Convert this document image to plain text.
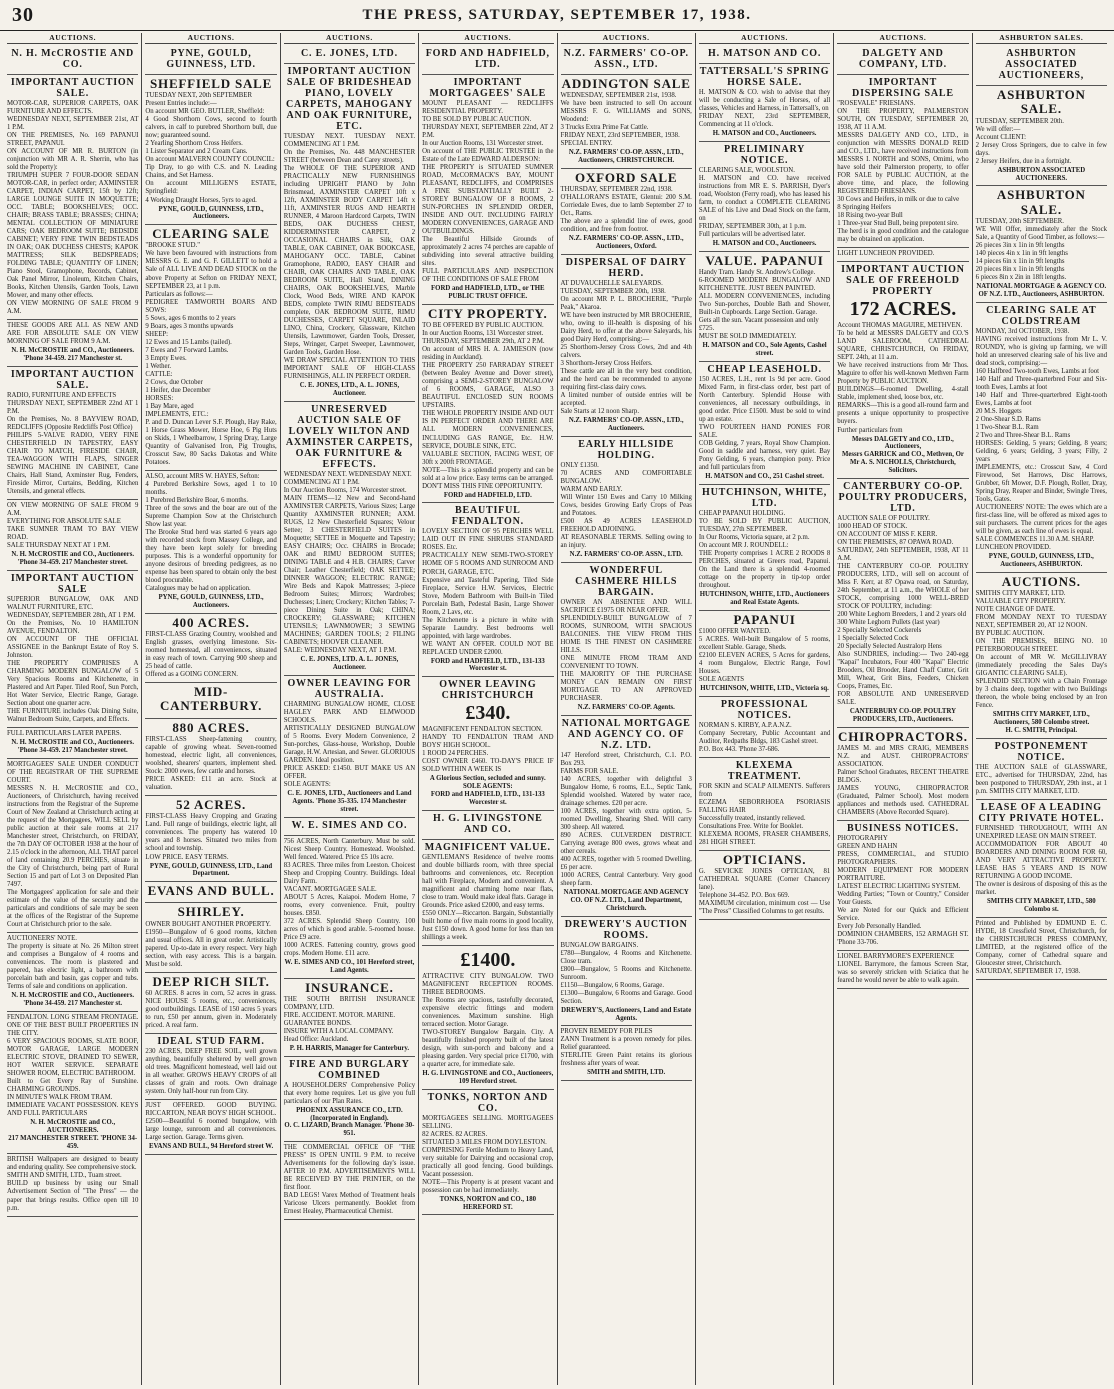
30	THE PRESS, SATURDAY, SEPTEMBER 17, 1938.
AUCTIONS.
N. H. McCROSTIE AND CO.
IMPORTANT AUCTION SALE.
MOTOR-CAR, SUPERIOR CARPETS, OAK FURNITURE AND EFFECTS.
WEDNESDAY NEXT, SEPTEMBER 21st, AT 1 P.M.
ON THE PREMISES, No. 169 PAPANUI STREET, PAPANUI.
ON ACCOUNT OF MR R. BURTON (in conjunction with MR A. R. Sherrin, who has sold the Property):
TRIUMPH SUPER 7 FOUR-DOOR SEDAN MOTOR-CAR, in perfect order; AXMINSTER CARPET, INDIAN CARPET, 15ft by 12ft; LARGE LOUNGE SUITE IN MOQUETTE; OCC. TABLE; BOOKSHELVES; OCC. CHAIR; BRASS TABLE; BRASSES; CHINA; MENTAL COLLECTION OF MINIATURE CARS; OAK BEDROOM SUITE; BEDSIDE CABINET; VERY FINE TWIN BEDSTEADS IN OAK; OAK DUCHESS CHESTS; KAPOK MATTRESS; SILK BEDSPREADS; FOLDING TABLE; QUANTITY OF LINEN; Piano Stool, Gramophone, Records, Cabinet, Oak Panel Mirror, Linoleum, Kitchen Chairs, Books, Kitchen Utensils, Garden Tools, Lawn Mower, and many other effects.
ON VIEW MORNING OF SALE FROM 9 A.M.
THESE GOODS ARE ALL AS NEW AND ARE FOR ABSOLUTE SALE ON VIEW MORNING OF SALE FROM 9 A.M.
N. H. McCROSTIE and CO., Auctioneers.
'Phone 34-459. 217 Manchester st.
IMPORTANT AUCTION SALE.
RADIO, FURNITURE AND EFFECTS
THURSDAY NEXT, SEPTEMBER 22nd AT 1 P.M.
On the Premises, No. 8 BAYVIEW ROAD, REDCLIFFS (Opposite Redcliffs Post Office)
PHILIPS 5-VALVE RADIO, VERY FINE CHESTERFIELD IN TAPESTRY, EASY CHAIR TO MATCH, FIRESIDE CHAIR, TEA-WAGGON WITH FLAPS, SINGER SEWING MACHINE IN CABINET, Cane Chairs, Hall Stand, Axminster Rug, Fenders, Fireside Mirror, Curtains, Bedding, Kitchen Utensils, and general effects.
ON VIEW MORNING OF SALE FROM 9 A.M.
EVERYTHING FOR ABSOLUTE SALE
TAKE SUMNER TRAM TO BAY VIEW ROAD.
SALE THURSDAY NEXT AT 1 P.M.
N. H. McCROSTIE and CO., Auctioneers.
'Phone 34-459. 217 Manchester street.
IMPORTANT AUCTION SALE
SUPERIOR BUNGALOW, OAK AND WALNUT FURNITURE, ETC.
WEDNESDAY, SEPTEMBER 28th, AT 1 P.M.
On the Premises, No. 10 HAMILTON AVENUE, FENDALTON.
ON ACCOUNT OF THE OFFICIAL ASSIGNEE in the Bankrupt Estate of Roy S. Johnston.
THE PROPERTY COMPRISES A CHARMING MODERN BUNGALOW of 5 Very Spacious Rooms and Kitchenette, in Plastered and Art Paper. Tiled Roof, Sun Porch, Hot Water Service, Electric Range, Garage. Section about one quarter acre.
THE FURNITURE includes Oak Dining Suite, Walnut Bedroom Suite, Carpets, and Effects.
FULL PARTICULARS LATER PAPERS.
N. H. McCROSTIE and CO., Auctioneers.
'Phone 34-459. 217 Manchester street.
MORTGAGEES' SALE UNDER CONDUCT OF THE REGISTRAR OF THE SUPREME COURT.
MESSRS N. H. McCROSTIE and CO., Auctioneers, of Christchurch, having received instructions from the Registrar of the Supreme Court of New Zealand at Christchurch acting at the request of the Mortgagees, WILL SELL by public auction at their sale rooms at 217 Manchester street, Christchurch, on FRIDAY, the 7th DAY OF OCTOBER 1938 at the hour of 2.15 o'clock in the afternoon, ALL THAT parcel of land containing 20.9 PERCHES, situate in the City of Christchurch, being part of Rural Section 15 and part of Lot 3 on Deposited Plan 7497.
The Mortgagees' application for sale and their estimate of the value of the security and the particulars and conditions of sale may be seen at the offices of the Registrar of the Supreme Court at Christchurch prior to the sale.
AUCTIONEERS' NOTE.
The property is situate at No. 26 Milton street and comprises a Bungalow of 4 rooms and conveniences. The room is plastered and papered, has electric light, a bathroom with porcelain bath and basin, gas copper and tubs. Terms of sale and conditions on application.
N. H. McCROSTIE and CO., Auctioneers.
'Phone 34-459. 217 Manchester st.
FENDALTON. LONG STREAM FRONTAGE. ONE OF THE BEST BUILT PROPERTIES IN THE CITY.
6 VERY SPACIOUS ROOMS, SLATE ROOF, MOTOR GARAGE, LARGE MODERN ELECTRIC STOVE, DRAINED TO SEWER, HOT WATER SERVICE. SEPARATE SHOWER ROOM, ELECTRIC BATHROOM.
Built to Get Every Ray of Sunshine. CHARMING GROUNDS.
IN MINUTE'S WALK FROM TRAM.
IMMEDIATE VACANT POSSESSION. KEYS AND FULL PARTICULARS
N. H. McCROSTIE and CO., AUCTIONEERS.
217 MANCHESTER STREET. 'PHONE 34-459.
BRITISH Wallpapers are designed to beauty and enduring quality. See comprehensive stock.
SMITH AND SMITH, LTD., Tuam street.
BUILD up business by using our Small Advertisement Section of "The Press" — the paper that brings results. Office open till 10 p.m.
AUCTIONS.
PYNE, GOULD, GUINNESS, LTD.
SHEFFIELD SALE
TUESDAY NEXT, 20th SEPTEMBER
Present Entries include:—
On account MR GEO. BUTLER, Sheffield:
4 Good Shorthorn Cows, second to fourth calvers, in calf to purebred Shorthorn bull, due now; guaranteed sound.
2 Yearling Shorthorn Cross Heifers.
1 Lister Separator and 2 Cream Cans.
On account MALVERN COUNTY COUNCIL:
Tip Dray, to go with C.S. and N. Leading Chains, and Set Harness.
On account MILLIGEN'S ESTATE, Springfield:
4 Working Draught Horses, 5yrs to aged.
PYNE, GOULD, GUINNESS, LTD., Auctioneers.
CLEARING SALE
"BROOKE STUD."
We have been favoured with instructions from MESSRS G. E. and G. F. GILLETT to hold a Sale of ALL LIVE AND DEAD STOCK on the above Property at Sefton on FRIDAY NEXT, SEPTEMBER 23, at 1 p.m.
Particulars as follows:—
PEDIGREE TAMWORTH BOARS AND SOWS:
5 Sows, ages 6 months to 2 years
9 Boars, ages 3 months upwards
SHEEP:
12 Ewes and 15 Lambs (tailed).
7 Ewes and 7 Forward Lambs.
3 Empty Ewes.
1 Wether.
CATTLE:
2 Cows, due October
1 Heifer, due December
HORSES:
1 Bay Mare, aged
IMPLEMENTS, ETC.:
P. and D. Duncan Lever S.F. Plough, Hay Rake, 1 Horse Grass Mower, Horse Hoe, 6 Pig Huts on Skids, 1 Wheelbarrow, 1 Spring Dray, Large Quantity of Galvanised Iron, Pig Troughs, Crosscut Saw, 80 Sacks Dakotas and White Potatoes.
ALSO, account MRS W. HAYES, Sefton:
4 Purebred Berkshire Sows, aged 1 to 10 months.
1 Purebred Berkshire Boar, 6 months.
Three of the sows and the boar are out of the Supreme Champion Sow at the Christchurch Show last year.
The Brooke Stud herd was started 6 years ago with recorded stock from Massey College, and they have been kept solely for breeding purposes. This is a wonderful opportunity for anyone desirous of breeding pedigrees, as no expense has been spared to obtain only the best blood procurable.
Catalogues may be had on application.
PYNE, GOULD, GUINNESS, LTD., Auctioneers.
400 ACRES.
FIRST-CLASS Grazing Country, woolshed and English grasses, overlying limestone. Six-roomed homestead, all conveniences, situated in easy reach of town. Carrying 900 sheep and 25 head of cattle.
Offered as a GOING CONCERN.
MID-CANTERBURY.
880 ACRES.
FIRST-CLASS Sheep-fattening country, capable of growing wheat. Seven-roomed homestead, electric light, all conveniences, woolshed, shearers' quarters, implement shed. Stock: 2000 ewes, few cattle and horses.
PRICE ASKED: £11 an acre. Stock at valuation.
52 ACRES.
FIRST-CLASS Heavy Cropping and Grazing Land. Full range of buildings, electric light, all conveniences. The property has watered 10 years and 8 horses. Situated two miles from school and township.
LOW PRICE. EASY TERMS.
PYNE, GOULD, GUINNESS, LTD., Land Department.
EVANS AND BULL.
SHIRLEY.
OWNER BOUGHT ANOTHER PROPERTY.
£1950—Bungalow of 6 good rooms, kitchen and usual offices. All in great order. Artistically papered. Up-to-date in every respect. Very high section, with easy access. This is a bargain. Must be sold.
DEEP RICH SILT.
60 ACRES. 8 acres in corn, 52 acres in grass. NICE HOUSE 5 rooms, etc., conveniences, good outbuildings. LEASE of 150 acres 5 years to run, £50 per annum, given in. Moderately priced. A real farm.
IDEAL STUD FARM.
230 ACRES, DEEP FREE SOIL, well grown anything, beautifully sheltered by well grown old trees. Magnificent homestead, well laid out in all weather. GROWS HEAVY CROPS of all classes of grain and roots. Own drainage system. Only half-hour run from City.
JUST OFFERED. GOOD BUYING. RICCARTON, NEAR BOYS' HIGH SCHOOL.
£2500—Beautiful 6 roomed bungalow, with large lounge, sunroom and all conveniences. Large section. Garage. Terms given.
EVANS AND BULL, 94 Hereford street W.
AUCTIONS.
C. E. JONES, LTD.
IMPORTANT AUCTION SALE OF BRIDESHEAD PIANO, LOVELY CARPETS, MAHOGANY AND OAK FURNITURE, ETC.
TUESDAY NEXT. TUESDAY NEXT. COMMENCING AT 1 P.M.
On the Premises, No. 448 MANCHESTER STREET (between Dean and Carey streets).
The WHOLE OF THE SUPERIOR AND PRACTICALLY NEW FURNISHINGS including UPRIGHT PIANO by John Brinsmead, AXMINSTER CARPET 10ft x 12ft, AXMINSTER BODY CARPET 14ft x 11ft, AXMINSTER RUGS AND HEARTH RUNNER, 4 Maroon Hardcord Carpets, TWIN BEDS, OAK DUCHESS CHEST, KIDDERMINSTER CARPET, 2 OCCASIONAL CHAIRS in Silk, OAK TABLE, OAK CABINET, OAK BOOKCASE, MAHOGANY OCC. TABLE, Cabinet Gramophone, RADIO, EASY CHAIR and CHAIR, OAK CHAIRS AND TABLE, OAK BEDROOM SUITE, Hall Stand, DINING CHAIRS, OAK BOOKSHELVES, Marble Clock, Wood Beds, WIRE AND KAPOK BEDS, complete TWIN RIMU BEDSTEADS complete, OAK BEDROOM SUITE, RIMU DUCHESSES, CARPET SQUARE, INLAID LINO, China, Crockery, Glassware, Kitchen Utensils, Lawnmower, Garden Tools, Dresser, Steps, Wringer, Carpet Sweeper, Lawnmower, Garden Tools, Garden Hose.
WE DRAW SPECIAL ATTENTION TO THIS IMPORTANT SALE OF HIGH-CLASS FURNISHINGS, ALL IN PERFECT ORDER.
C. E. JONES, LTD., A. L. JONES, Auctioneer.
UNRESERVED AUCTION SALE OF LOVELY WILTON AND AXMINSTER CARPETS, OAK FURNITURE & EFFECTS.
WEDNESDAY NEXT. WEDNESDAY NEXT.
COMMENCING AT 1 P.M.
In Our Auction Rooms, 174 Worcester street.
MAIN ITEMS—12 New and Second-hand AXMINSTER CARPETS, Various Sizes; Large Quantity AXMINSTER RUNNER; AXM. RUGS, 12 New Chesterfield Squares; Velour Settee; 3 CHESTERFIELD SUITES in Moquette; SETTEE in Moquette and Tapestry; EASY CHAIRS; Occ. CHAIRS in Brocade; OAK and RIMU BEDROOM SUITES; DINING TABLE and 4 H.B. CHAIRS; Carver Chair; Leather Chesterfield; OAK SETTEE; DINNER WAGGON; ELECTRIC RANGE; Wire Beds and Kapok Mattresses; 3-piece Bedroom Suites; Mirrors; Wardrobes; Duchesses; Linen; Crockery; Kitchen Tables; 7-piece Dining Suite in Oak; CHINA; CROCKERY; GLASSWARE; KITCHEN UTENSILS; LAWNMOWER; 3 SEWING MACHINES; GARDEN TOOLS; 2 FILING CABINETS; HOOVER CLEANER.
SALE: WEDNESDAY NEXT, AT 1 P.M.
C. E. JONES, LTD. A. L. JONES, Auctioneer.
OWNER LEAVING FOR AUSTRALIA.
CHARMING BUNGALOW HOME, CLOSE HAGLEY PARK AND ELMWOOD SCHOOLS.
ARTISTICALLY DESIGNED BUNGALOW of 5 Rooms. Every Modern Convenience, 2 Sun-porches, Glass-house, Workshop, Double Garage, H.W. Artesian, and Sewer. GLORIOUS GARDEN. Ideal position.
PRICE ASKED: £1450. BUT MAKE US AN OFFER.
SOLE AGENTS:
C. E. JONES, LTD., Auctioneers and Land Agents. 'Phone 35-335. 174 Manchester street.
W. E. SIMES AND CO.
756 ACRES, North Canterbury. Must be sold. Nicest Sheep Country. Homestead. Woolshed. Well fenced. Watered. Price £5 10s acre.
83 ACRES. Three miles from Leeston. Choicest Sheep and Cropping Country. Buildings. Ideal Dairy Farm.
VACANT. MORTGAGEE SALE.
ABOUT 5 Acres, Kaiapoi. Modern Home, 7 rooms, every convenience. Fruit, poultry houses. £850.
372 ACRES. Splendid Sheep Country. 100 acres of which is good arable. 5-roomed house. Price £9 acre.
1000 ACRES. Fattening country, grows good crops. Modern Home. £11 acre.
W. E. SIMES AND CO., 101 Hereford street, Land Agents.
INSURANCE.
THE SOUTH BRITISH INSURANCE COMPANY, LTD.
FIRE. ACCIDENT. MOTOR. MARINE.
GUARANTEE BONDS.
INSURE WITH A LOCAL COMPANY.
Head Office: Auckland.
P. H. HARRIS, Manager for Canterbury.
FIRE AND BURGLARY COMBINED
A HOUSEHOLDERS' Comprehensive Policy that every home requires. Let us give you full particulars of our Plan Rates.
PHOENIX ASSURANCE CO., LTD. (Incorporated in England).
O. C. LIZARD, Branch Manager. 'Phone 30-951.
THE COMMERCIAL OFFICE OF "THE PRESS" IS OPEN UNTIL 9 P.M. to receive Advertisements for the following day's issue. AFTER 10 P.M. ADVERTISEMENTS WILL BE RECEIVED BY THE PRINTER, on the first floor.
BAD LEGS! Varex Method of Treatment heals Varicose Ulcers permanently. Booklet from Ernest Healey, Pharmaceutical Chemist.
AUCTIONS.
FORD AND HADFIELD, LTD.
IMPORTANT MORTGAGEES' SALE
MOUNT PLEASANT — REDCLIFFS RESIDENTIAL PROPERTY.
TO BE SOLD BY PUBLIC AUCTION.
THURSDAY NEXT, SEPTEMBER 22nd, AT 2 P.M.
In our Auction Rooms, 131 Worcester street.
On account of THE PUBLIC TRUSTEE in the Estate of the Late EDWARD ALDERSON:
THE PROPERTY is SITUATED SUMNER ROAD, McCORMACK'S BAY, MOUNT PLEASANT, REDCLIFFS, and COMPRISES A FINE SUBSTANTIALLY BUILT 2-STOREY BUNGALOW OF 8 ROOMS, 2 SUN-PORCHES IN SPLENDID ORDER, INSIDE AND OUT. INCLUDING FAIRLY MODERN CONVENIENCES, GARAGE AND OUTBUILDINGS.
The Beautiful Hillside Grounds of approximately 2 acres 74 perches are capable of subdividing into several attractive building sites.
FULL PARTICULARS AND INSPECTION OF THE CONDITIONS OF SALE FROM
FORD and HADFIELD, LTD., or THE PUBLIC TRUST OFFICE.
CITY PROPERTY.
TO BE OFFERED BY PUBLIC AUCTION.
In our Auction Rooms, 131 Worcester street.
THURSDAY, SEPTEMBER 29th, AT 2 P.M.
On account of MRS H. A. JAMIESON (now residing in Auckland).
THE PROPERTY 250 FARRADAY STREET (between Bealey Avenue and Dover street), comprising a SEMI-2-STOREY BUNGALOW of 6 ROOMS, GARAGE, ALSO 3 BEAUTIFUL ENCLOSED SUN ROOMS UPSTAIRS.
THE WHOLE PROPERTY INSIDE AND OUT IS IN PERFECT ORDER AND THERE ARE ALL MODERN CONVENIENCES, INCLUDING GAS RANGE, Etc. H.W. SERVICE, DOUBLE SINK, ETC.
VALUABLE SECTION, FACING WEST, OF 30ft x 200ft FRONTAGE.
NOTE—This is a splendid property and can be sold at a low price. Easy terms can be arranged. DON'T MISS THIS FINE OPPORTUNITY.
FORD and HADFIELD, LTD.
BEAUTIFUL FENDALTON.
LOVELY SECTION OF 95 PERCHES WELL LAID OUT IN FINE SHRUBS STANDARD ROSES. Etc.
PRACTICALLY NEW SEMI-TWO-STOREY HOME OF 5 ROOMS AND SUNROOM AND PORCH, GARAGE, ETC.
Expensive and Tasteful Papering, Tiled Side Fireplace, Service H.W. Services, Electric Stove, Modern Bathroom with Built-in Tiled Porcelain Bath, Pedestal Basin, Large Shower Room, 2 Lavs, etc.
The Kitchenette is a picture in white with Separate Laundry. Best bedrooms well appointed, with large wardrobes.
WE WANT AN OFFER. COULD NOT BE REPLACED UNDER £2000.
FORD and HADFIELD, LTD., 131-133 Worcester st.
OWNER LEAVING CHRISTCHURCH
£340.
MAGNIFICENT FENDALTON SECTION.
HANDY TO FENDALTON TRAM AND BOYS' HIGH SCHOOL.
1 ROOD 24 PERCHES.
COST OWNER £460. TO-DAY'S PRICE IF SOLD WITHIN A WEEK IS
A Glorious Section, secluded and sunny.
SOLE AGENTS:
FORD and HADFIELD, LTD., 131-133 Worcester st.
H. G. LIVINGSTONE AND CO.
MAGNIFICENT VALUE.
GENTLEMAN'S Residence of twelve rooms and double billiards room, with three special bathrooms and conveniences, etc. Reception hall with Fireplace, Modern and convenient. A magnificent and charming home near flats, close to tram. Would make ideal flats. Garage in Grounds. Price asked £2000, and easy terms.
£550 ONLY—Riccarton. Bargain, Substantially built home of five main rooms in good locality, Just £150 down. A good home for less than ten shillings a week.
£1400.
ATTRACTIVE CITY BUNGALOW. TWO MAGNIFICENT RECEPTION ROOMS. THREE BEDROOMS.
The Rooms are spacious, tastefully decorated, expensive electric fittings and modern conveniences. Maximum sunshine. High terraced section. Motor Garage.
TWO-STOREY Bungalow Bargain. City. A beautifully finished property built of the latest design, with sun-porch and balcony and a pleasing garden. Very special price £1700, with a quarter acre, for immediate sale.
H. G. LIVINGSTONE and CO., Auctioneers, 109 Hereford street.
TONKS, NORTON AND CO.
MORTGAGEES SELLING. MORTGAGEES SELLING.
82 ACRES. 82 ACRES.
SITUATED 3 MILES FROM DOYLESTON.
COMPRISING Fertile Medium to Heavy Land, very suitable for Dairying and occasional crop, practically all good fencing. Good buildings. Vacant possession.
NOTE—This Property is at present vacant and possession can be had immediately.
TONKS, NORTON and CO., 180 HEREFORD ST.
AUCTIONS.
N.Z. FARMERS' CO-OP. ASSN., LTD.
ADDINGTON SALE
WEDNESDAY, SEPTEMBER 21st, 1938.
We have been instructed to sell On account MESSRS F. G. WILLIAMS and SONS, Woodend:
3 Trucks Extra Prime Fat Cattle.
FRIDAY NEXT, 23rd SEPTEMBER, 1938.
SPECIAL ENTRY.
N.Z. FARMERS' CO-OP. ASSN., LTD., Auctioneers, CHRISTCHURCH.
OXFORD SALE
THURSDAY, SEPTEMBER 22nd, 1938.
O'HALLORAN'S ESTATE, Glentui: 200 S.M. Corriedale Ewes, due to lamb September 27 to Oct., Rams.
The above are a splendid line of ewes, good condition, and free from footrot.
N.Z. FARMERS' CO-OP. ASSN., LTD., Auctioneers, Oxford.
DISPERSAL OF DAIRY HERD.
AT DUVAUCHELLE SALEYARDS.
TUESDAY, SEPTEMBER 20th, 1938.
On account MR P. L. BROCHERIE, "Purple Peak," Akaroa.
WE have been instructed by MR BROCHERIE, who, owing to ill-health is disposing of his Dairy Herd, to offer at the above Saleyards, his good Dairy Herd, comprising:—
25 Shorthorn-Jersey Cross Cows, 2nd and 4th calvers.
3 Shorthorn-Jersey Cross Heifers.
These cattle are all in the very best condition, and the herd can be recommended to anyone requiring first-class dairy cows.
A limited number of outside entries will be accepted.
Sale Starts at 12 noon Sharp.
N.Z. FARMERS' CO-OP. ASSN., LTD., Auctioneers.
EARLY HILLSIDE HOLDING.
ONLY £1350.
70 ACRES AND COMFORTABLE BUNGALOW.
WARM AND EARLY.
Will Winter 150 Ewes and Carry 10 Milking Cows, besides Growing Early Crops of Peas and Potatoes.
£500 AS 49 ACRES LEASEHOLD FREEHOLD ADJOINING.
AT REASONABLE TERMS. Selling owing to an injury.
N.Z. FARMERS' CO-OP. ASSN., LTD.
WONDERFUL CASHMERE HILLS BARGAIN.
OWNER AN ABSENTEE AND WILL SACRIFICE £1975 OR NEAR OFFER.
SPLENDIDLY-BUILT BUNGALOW of 7 ROOMS, SUNROOM, WITH SPACIOUS BALCONIES. THE VIEW FROM THIS HOME IS THE FINEST ON CASHMERE HILLS.
ONE MINUTE FROM TRAM AND CONVENIENT TO TOWN.
THE MAJORITY OF THE PURCHASE MONEY CAN REMAIN ON FIRST MORTGAGE TO AN APPROVED PURCHASER.
N.Z. FARMERS' CO-OP. Agents.
NATIONAL MORTGAGE AND AGENCY CO. OF N.Z. LTD.
147 Hereford street, Christchurch, C.1. P.O. Box 293.
FARMS FOR SALE.
140 ACRES, together with delightful 3 Bungalow Home, 6 rooms, E.L., Septic Tank, Splendid woolshed. Watered by water race, drainage schemes. £20 per acre.
100 ACRES, together with extra option, 5-roomed Dwelling, Shearing Shed. Will carry 300 sheep. All watered.
890 ACRES. CULVERDEN DISTRICT. Carrying average 800 ewes, grows wheat and other cereals.
400 ACRES, together with 5 roomed Dwelling, £6 per acre.
1000 ACRES, Central Canterbury. Very good sheep farm.
NATIONAL MORTGAGE AND AGENCY CO. OF N.Z. LTD., Land Department, Christchurch.
DREWERY'S AUCTION ROOMS.
BUNGALOW BARGAINS.
£780—Bungalow, 4 Rooms and Kitchenette. Close tram.
£800—Bungalow, 5 Rooms and Kitchenette. Sunroom.
£1150—Bungalow, 6 Rooms, Garage.
£1300—Bungalow, 6 Rooms and Garage. Good Section.
DREWERY'S, Auctioneers, Land and Estate Agents.
PROVEN REMEDY FOR PILES
ZANN Treatment is a proven remedy for piles. Relief guaranteed.
STERLITE Green Paint retains its glorious freshness after years of wear.
SMITH and SMITH, LTD.
AUCTIONS.
H. MATSON AND CO.
TATTERSALL'S SPRING HORSE SALE.
H. MATSON & CO. wish to advise that they will be conducting a Sale of Horses, of all classes, Vehicles and Harness, in Tattersall's, on
FRIDAY NEXT, 23rd SEPTEMBER, Commencing at 11 o'clock.
H. MATSON and CO., Auctioneers.
PRELIMINARY NOTICE.
CLEARING SALE, WOOLSTON.
H. MATSON and CO. have received instructions from MR E. S. PARRISH, Dyer's road, Woolston (Ferry road), who has leased his farm, to conduct a COMPLETE CLEARING SALE of his Live and Dead Stock on the farm, on
FRIDAY, SEPTEMBER 30th, at 1 p.m.
Full particulars will be advertised later.
H. MATSON and CO., Auctioneers.
VALUE. PAPANUI
Handy Tram. Handy St. Andrew's College.
6-ROOMED MODERN BUNGALOW AND KITCHENETTE. JUST BEEN PAINTED.
ALL MODERN CONVENIENCES, including Two Sun-porches, Double Bath and Shower, Built-in Cupboards. Large Section. Garage.
Gets all the sun. Vacant possession and only
£725.
MUST BE SOLD IMMEDIATELY.
H. MATSON and CO., Sole Agents, Cashel street.
CHEAP LEASEHOLD.
150 ACRES, L.H., rent 1s 9d per acre. Good Mixed Farm, in first-class order, best part of North Canterbury. Splendid House with conveniences, all necessary outbuildings, in good order. Price £1500. Must be sold to wind up an estate.
TWO FOURTEEN HAND PONIES FOR SALE.
COB Gelding, 7 years, Royal Show Champion. Good in saddle and harness, very quiet. Bay Pony Gelding, 6 years, champion pony. Price and full particulars from
H. MATSON and CO., 251 Cashel street.
HUTCHINSON, WHITE, LTD.
CHEAP PAPANUI HOLDING.
TO BE SOLD BY PUBLIC AUCTION, TUESDAY, 27th SEPTEMBER.
In Our Rooms, Victoria square, at 2 p.m.
On account MR J. ROUNDELL:
THE Property comprises 1 ACRE 2 ROODS 8 PERCHES, situated at Greers road, Papanui. On the Land there is a splendid 4-roomed cottage on the property in tip-top order throughout.
HUTCHINSON, WHITE, LTD., Auctioneers and Real Estate Agents.
PAPANUI
£1000 OFFER WANTED.
5 ACRES. Well-built Bungalow of 5 rooms, excellent Stable. Garage, Sheds.
£2100 ELEVEN ACRES, 5 Acres for gardens, 4 room Bungalow, Electric Range, Fowl Houses.
SOLE AGENTS
HUTCHINSON, WHITE, LTD., Victoria sq.
PROFESSIONAL NOTICES.
NORMAN S. KIRBY, A.P.A.N.Z.
Company Secretary, Public Accountant and Auditor, Redpaths Bldgs, 183 Cashel street.
P.O. Box 443. 'Phone 37-686.
KLEXEMA TREATMENT.
FOR SKIN and SCALP AILMENTS. Sufferers from
ECZEMA SEBORRHOEA PSORIASIS FALLING HAIR
Successfully treated, instantly relieved.
Consultations Free. Write for Booklet.
KLEXEMA ROOMS, FRASER CHAMBERS, 281 HIGH STREET.
OPTICIANS.
G. SEVICKE JONES OPTICIAN, 81 CATHEDRAL SQUARE (Corner Chancery lane).
Telephone 34-452. P.O. Box 669.
MAXIMUM circulation, minimum cost — Use "The Press" Classified Columns to get results.
AUCTIONS.
DALGETY AND COMPANY, LTD.
IMPORTANT DISPERSING SALE
"ROSEVALE" FRIESIANS.
ON THE PROPERTY, PALMERSTON SOUTH, ON TUESDAY, SEPTEMBER 20, 1938, AT 11 A.M.
MESSRS DALGETY AND CO., LTD., in conjunction with MESSRS DONALD REID and CO., LTD., have received instructions from MESSRS I. NORTH and SONS, Omimi, who have sold their Palmerston property, to offer FOR SALE by PUBLIC AUCTION, at the above time, and place, the following REGISTERED FRIESIANS.
30 Cows and Heifers, in milk or due to calve
8 Springing Heifers
18 Rising two-year Bull
1 Three-year Stud Bull, being prepotent sire.
The herd is in good condition and the catalogue may be obtained on application.
LIGHT LUNCHEON PROVIDED.
IMPORTANT AUCTION SALE OF FREEHOLD PROPERTY
172 ACRES.
Account THOMAS MAGUIRE, METHVEN.
To be held at MESSRS DALGETY and CO.'S LAND SALEROOM, CATHEDRAL SQUARE, CHRISTCHURCH, On FRIDAY, SEPT. 24th, at 11 a.m.
We have received instructions from Mr Thos. Maguire to offer his well-known Methven Farm Property by PUBLIC AUCTION.
BUILDINGS—6-roomed Dwelling, 4-stall Stable, implement shed, loose box, etc.
REMARKS—This is a good all-round farm and presents a unique opportunity to prospective buyers.
Further particulars from
Messrs DALGETY and CO., LTD., Auctioneers,
Messrs GARRICK and CO., Methven, Or Mr A. S. NICHOLLS, Christchurch, Solicitors.
CANTERBURY CO-OP. POULTRY PRODUCERS, LTD.
AUCTION SALE OF POULTRY.
1000 HEAD OF STOCK.
ON ACCOUNT OF MISS F. KERR.
ON THE PREMISES, 87 OPAWA ROAD.
SATURDAY, 24th SEPTEMBER, 1938, AT 11 A.M.
THE CANTERBURY CO-OP. POULTRY PRODUCERS, LTD., will sell on account of Miss F. Kerr, at 87 Opawa road, on Saturday, 24th September, at 11 a.m., the WHOLE of her STOCK, comprising 1000 WELL-BRED STOCK OF POULTRY, including:
200 White Leghorn Breeders, 1 and 2 years old
300 White Leghorn Pullets (last year)
2 Specially Selected Cockerels
1 Specially Selected Cock
20 Specially Selected Australorp Hens
Also SUNDRIES, including:— Two 240-egg "Kapai" Incubators, Four 400 "Kapai" Electric Brooders, Oil Brooder, Hand Chaff Cutter, Grit Mill, Wheat, Grit Bins, Feeders, Chicken Coops, Frames, Etc.
FOR ABSOLUTE AND UNRESERVED SALE.
CANTERBURY CO-OP. POULTRY PRODUCERS, LTD., Auctioneers.
CHIROPRACTORS.
JAMES M. and MRS CRAIG, MEMBERS N.Z. and AUST. CHIROPRACTORS' ASSOCIATION.
Palmer School Graduates, RECENT THEATRE BLDGS.
JAMES YOUNG, CHIROPRACTOR (Graduated, Palmer School). Most modern appliances and methods used. CATHEDRAL CHAMBERS (Above Recorded Square).
BUSINESS NOTICES.
PHOTOGRAPHY
GREEN AND HAHN
PRESS, COMMERCIAL, and STUDIO PHOTOGRAPHERS.
MODERN EQUIPMENT FOR MODERN PORTRAITURE.
LATEST ELECTRIC LIGHTING SYSTEM.
Wedding Parties; "Town or Country," Consider Your Guests.
We are Noted for our Quick and Efficient Service.
Every Job Personally Handled.
DOMINION CHAMBERS, 152 ARMAGH ST. 'Phone 33-706.
LIONEL BARRYMORE'S EXPERIENCE
LIONEL Barrymore, the famous Screen Star, was so severely stricken with Sciatica that he feared he would never be able to walk again.
ASHBURTON SALES.
ASHBURTON ASSOCIATED AUCTIONEERS,
ASHBURTON SALE.
TUESDAY, SEPTEMBER 20th.
We will offer:—
Account CLIENT:
2 Jersey Cross Springers, due to calve in few days.
2 Jersey Heifers, due in a fortnight.
ASHBURTON ASSOCIATED AUCTIONEERS.
ASHBURTON SALE.
TUESDAY, 20th SEPTEMBER.
WE Will Offer, immediately after the Stock Sale, a Quantity of Good Timber, as follows:—
26 pieces 3in x 1in in 9ft lengths
140 pieces 4in x 1in in 9ft lengths
14 pieces 6in x 1in in 9ft lengths
20 pieces 8in x 1in in 9ft lengths
6 pieces 8in x 2in in 18ft lengths.
NATIONAL MORTGAGE & AGENCY CO. OF N.Z. LTD., Auctioneers, ASHBURTON.
CLEARING SALE AT COLDSTREAM
MONDAY, 3rd OCTOBER, 1938.
HAVING received instructions from Mr L. V. ROUNDY, who is giving up farming, we will hold an unreserved clearing sale of his live and dead stock, comprising:—
160 Halfbred Two-tooth Ewes, Lambs at foot
140 Half and Three-quarterbred Four and Six-tooth Ewes, Lambs at foot
140 Half and Three-quarterbred Eight-tooth Ewes, Lambs at foot
20 M.S. Hoggets
2 One-Shear S.D. Rams
1 Two-Shear B.L. Ram
2 Two and Three-Shear B.L. Rams
HORSES: Gelding, 5 years; Gelding, 8 years; Gelding, 6 years; Gelding, 3 years; Filly, 2 years
IMPLEMENTS, etc.: Crosscut Saw, 4 Cord Firewood, Set Harrows, Disc Harrows, Grubber, 6ft Mower, D.F. Plough, Roller, Dray, Spring Dray, Reaper and Binder, Swingle Trees, Tools, Gates.
AUCTIONEERS' NOTE: The ewes which are a first-class line, will be offered as mixed ages to suit purchasers. The current prices for the ages will be given, as each line of ewes is equal.
SALE COMMENCES 11.30 A.M. SHARP.
LUNCHEON PROVIDED.
PYNE, GOULD, GUINNESS, LTD., Auctioneers, ASHBURTON.
AUCTIONS.
SMITHS CITY MARKET, LTD.
VALUABLE CITY PROPERTY.
NOTE CHANGE OF DATE.
FROM MONDAY NEXT TO TUESDAY NEXT, SEPTEMBER 20, AT 12 NOON.
BY PUBLIC AUCTION.
ON THE PREMISES, BEING NO. 10 PETERBOROUGH STREET.
On account of MR W. McGILLIVRAY (immediately preceding the Sales Day's GIGANTIC CLEARING SALE).
SPLENDID SECTION with a Chain Frontage by 3 chains deep, together with two Buildings thereon, the whole being enclosed by an Iron Fence.
SMITHS CITY MARKET, LTD., Auctioneers, 580 Colombo street.
H. C. SMITH, Principal.
POSTPONEMENT NOTICE.
THE AUCTION SALE of GLASSWARE, ETC., advertised for THURSDAY, 22nd, has been postponed to THURSDAY, 29th inst., at 1 p.m. SMITHS CITY MARKET, LTD.
LEASE OF A LEADING CITY PRIVATE HOTEL.
FURNISHED THROUGHOUT, WITH AN UNEXPIRED LEASE ON MAIN STREET.
ACCOMMODATION FOR ABOUT 40 BOARDERS AND DINING ROOM FOR 60, AND VERY ATTRACTIVE PROPERTY. LEASE HAS 5 YEARS AND IS NOW RETURNING A GOOD INCOME.
The owner is desirous of disposing of this as the market.
SMITHS CITY MARKET, LTD., 580 Colombo st.
Printed and Published by EDMUND E. C. HYDE, 18 Cressfield Street, Christchurch, for the CHRISTCHURCH PRESS COMPANY, LIMITED, at the registered office of the Company, corner of Cathedral square and Gloucester street, Christchurch.
SATURDAY, SEPTEMBER 17, 1938.
